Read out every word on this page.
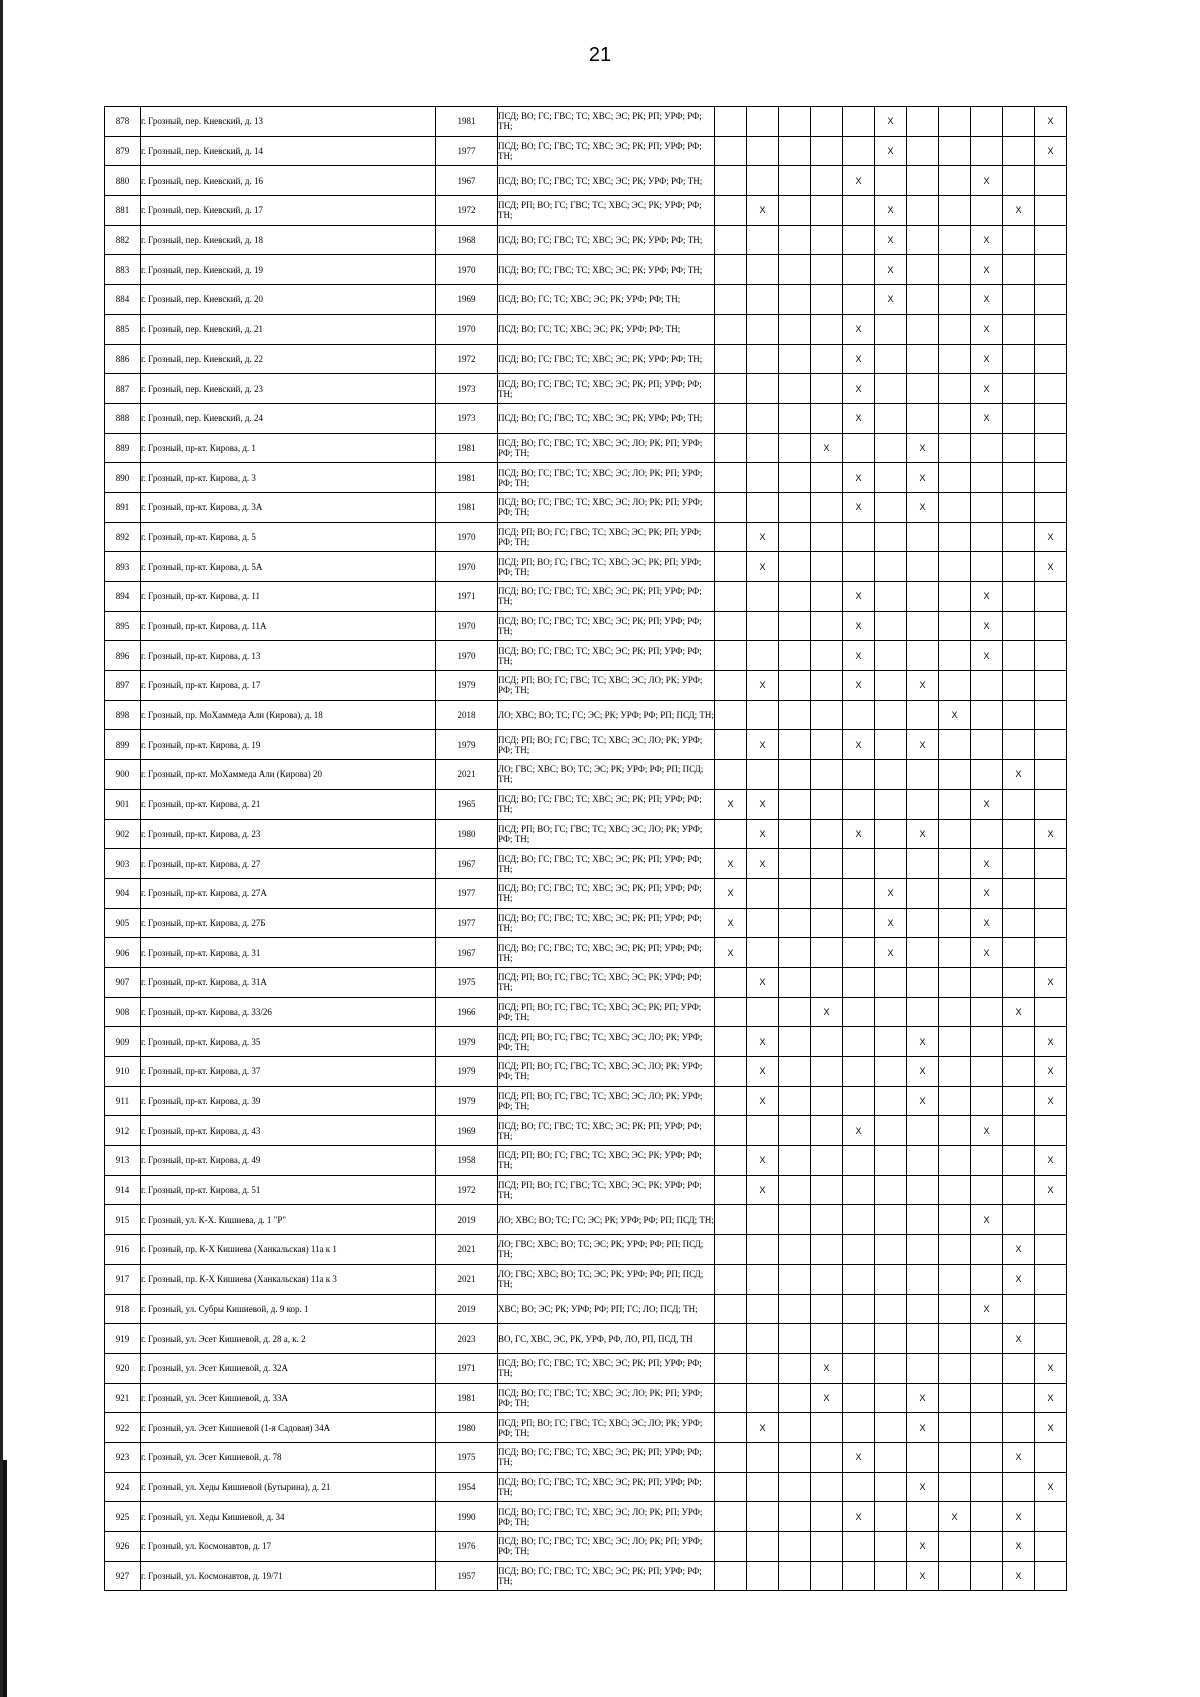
21
878	г. Грозный, пер. Киевский, д. 13	1981	ПСД; ВО; ГС; ГВС; ТС; ХВС; ЭС; РК; РП; УРФ; РФ; ТН;						X					X
879	г. Грозный, пер. Киевский, д. 14	1977	ПСД; ВО; ГС; ГВС; ТС; ХВС; ЭС; РК; РП; УРФ; РФ; ТН;						X					X
880	г. Грозный, пер. Киевский, д. 16	1967	ПСД; ВО; ГС; ГВС; ТС; ХВС; ЭС; РК; УРФ; РФ; ТН;					X				X		
881	г. Грозный, пер. Киевский, д. 17	1972	ПСД; РП; ВО; ГС; ГВС; ТС; ХВС; ЭС; РК; УРФ; РФ; ТН;		X				X				X	
882	г. Грозный, пер. Киевский, д. 18	1968	ПСД; ВО; ГС; ГВС; ТС; ХВС; ЭС; РК; УРФ; РФ; ТН;						X			X		
883	г. Грозный, пер. Киевский, д. 19	1970	ПСД; ВО; ГС; ГВС; ТС; ХВС; ЭС; РК; УРФ; РФ; ТН;						X			X		
884	г. Грозный, пер. Киевский, д. 20	1969	ПСД; ВО; ГС; ТС; ХВС; ЭС; РК; УРФ; РФ; ТН;						X			X		
885	г. Грозный, пер. Киевский, д. 21	1970	ПСД; ВО; ГС; ТС; ХВС; ЭС; РК; УРФ; РФ; ТН;					X				X		
886	г. Грозный, пер. Киевский, д. 22	1972	ПСД; ВО; ГС; ГВС; ТС; ХВС; ЭС; РК; УРФ; РФ; ТН;					X				X		
887	г. Грозный, пер. Киевский, д. 23	1973	ПСД; ВО; ГС; ГВС; ТС; ХВС; ЭС; РК; РП; УРФ; РФ; ТН;					X				X		
888	г. Грозный, пер. Киевский, д. 24	1973	ПСД; ВО; ГС; ГВС; ТС; ХВС; ЭС; РК; УРФ; РФ; ТН;					X				X		
889	г. Грозный, пр-кт. Кирова, д. 1	1981	ПСД; ВО; ГС; ГВС; ТС; ХВС; ЭС; ЛО; РК; РП; УРФ; РФ; ТН;				X			X				
890	г. Грозный, пр-кт. Кирова, д. 3	1981	ПСД; ВО; ГС; ГВС; ТС; ХВС; ЭС; ЛО; РК; РП; УРФ; РФ; ТН;					X		X				
891	г. Грозный, пр-кт. Кирова, д. 3А	1981	ПСД; ВО; ГС; ГВС; ТС; ХВС; ЭС; ЛО; РК; РП; УРФ; РФ; ТН;					X		X				
892	г. Грозный, пр-кт. Кирова, д. 5	1970	ПСД; РП; ВО; ГС; ГВС; ТС; ХВС; ЭС; РК; РП; УРФ; РФ; ТН;		X									X
893	г. Грозный, пр-кт. Кирова, д. 5А	1970	ПСД; РП; ВО; ГС; ГВС; ТС; ХВС; ЭС; РК; РП; УРФ; РФ; ТН;		X									X
894	г. Грозный, пр-кт. Кирова, д. 11	1971	ПСД; ВО; ГС; ГВС; ТС; ХВС; ЭС; РК; РП; УРФ; РФ; ТН;					X				X		
895	г. Грозный, пр-кт. Кирова, д. 11А	1970	ПСД; ВО; ГС; ГВС; ТС; ХВС; ЭС; РК; РП; УРФ; РФ; ТН;					X				X		
896	г. Грозный, пр-кт. Кирова, д. 13	1970	ПСД; ВО; ГС; ГВС; ТС; ХВС; ЭС; РК; РП; УРФ; РФ; ТН;					X				X		
897	г. Грозный, пр-кт. Кирова, д. 17	1979	ПСД; РП; ВО; ГС; ГВС; ТС; ХВС; ЭС; ЛО; РК; УРФ; РФ; ТН;		X			X		X				
898	г. Грозный, пр. МоХаммеда Али (Кирова), д. 18	2018	ЛО; ХВС; ВО; ТС; ГС; ЭС; РК; УРФ; РФ; РП; ПСД; ТН;								X			
899	г. Грозный, пр-кт. Кирова, д. 19	1979	ПСД; РП; ВО; ГС; ГВС; ТС; ХВС; ЭС; ЛО; РК; УРФ; РФ; ТН;		X			X		X				
900	г. Грозный, пр-кт. МоХаммеда Али (Кирова) 20	2021	ЛО; ГВС; ХВС; ВО; ТС; ЭС; РК; УРФ; РФ; РП; ПСД; ТН;										X	
901	г. Грозный, пр-кт. Кирова, д. 21	1965	ПСД; ВО; ГС; ГВС; ТС; ХВС; ЭС; РК; РП; УРФ; РФ; ТН;	X	X							X		
902	г. Грозный, пр-кт. Кирова, д. 23	1980	ПСД; РП; ВО; ГС; ГВС; ТС; ХВС; ЭС; ЛО; РК; УРФ; РФ; ТН;		X			X		X				X
903	г. Грозный, пр-кт. Кирова, д. 27	1967	ПСД; ВО; ГС; ГВС; ТС; ХВС; ЭС; РК; РП; УРФ; РФ; ТН;	X	X							X		
904	г. Грозный, пр-кт. Кирова, д. 27А	1977	ПСД; ВО; ГС; ГВС; ТС; ХВС; ЭС; РК; РП; УРФ; РФ; ТН;	X					X			X		
905	г. Грозный, пр-кт. Кирова, д. 27Б	1977	ПСД; ВО; ГС; ГВС; ТС; ХВС; ЭС; РК; РП; УРФ; РФ; ТН;	X					X			X		
906	г. Грозный, пр-кт. Кирова, д. 31	1967	ПСД; ВО; ГС; ГВС; ТС; ХВС; ЭС; РК; РП; УРФ; РФ; ТН;	X					X			X		
907	г. Грозный, пр-кт. Кирова, д. 31А	1975	ПСД; РП; ВО; ГС; ГВС; ТС; ХВС; ЭС; РК; УРФ; РФ; ТН;		X									X
908	г. Грозный, пр-кт. Кирова, д. 33/26	1966	ПСД; РП; ВО; ГС; ГВС; ТС; ХВС; ЭС; РК; РП; УРФ; РФ; ТН;				X						X	
909	г. Грозный, пр-кт. Кирова, д. 35	1979	ПСД; РП; ВО; ГС; ГВС; ТС; ХВС; ЭС; ЛО; РК; УРФ; РФ; ТН;		X					X				X
910	г. Грозный, пр-кт. Кирова, д. 37	1979	ПСД; РП; ВО; ГС; ГВС; ТС; ХВС; ЭС; ЛО; РК; УРФ; РФ; ТН;		X					X				X
911	г. Грозный, пр-кт. Кирова, д. 39	1979	ПСД; РП; ВО; ГС; ГВС; ТС; ХВС; ЭС; ЛО; РК; УРФ; РФ; ТН;		X					X				X
912	г. Грозный, пр-кт. Кирова, д. 43	1969	ПСД; ВО; ГС; ГВС; ТС; ХВС; ЭС; РК; РП; УРФ; РФ; ТН;					X				X		
913	г. Грозный, пр-кт. Кирова, д. 49	1958	ПСД; РП; ВО; ГС; ГВС; ТС; ХВС; ЭС; РК; УРФ; РФ; ТН;		X									X
914	г. Грозный, пр-кт. Кирова, д. 51	1972	ПСД; РП; ВО; ГС; ГВС; ТС; ХВС; ЭС; РК; УРФ; РФ; ТН;		X									X
915	г. Грозный, ул. К-Х. Кишиева, д. 1 "Р"	2019	ЛО; ХВС; ВО; ТС; ГС; ЭС; РК; УРФ; РФ; РП; ПСД; ТН;									X		
916	г. Грозный, пр. К-Х Кишиева (Ханкальская) 11а к 1	2021	ЛО; ГВС; ХВС; ВО; ТС; ЭС; РК; УРФ; РФ; РП; ПСД; ТН;										X	
917	г. Грозный, пр. К-Х Кишиева (Ханкальская) 11а к 3	2021	ЛО; ГВС; ХВС; ВО; ТС; ЭС; РК; УРФ; РФ; РП; ПСД; ТН;										X	
918	г. Грозный, ул. Субры Кишиевой, д. 9 кор. 1	2019	ХВС; ВО; ЭС; РК; УРФ; РФ; РП; ГС; ЛО; ПСД; ТН;									X		
919	г. Грозный, ул. Эсет Кишиевой, д. 28 а, к. 2	2023	ВО, ГС, ХВС, ЭС, РК, УРФ, РФ, ЛО, РП, ПСД, ТН										X	
920	г. Грозный, ул. Эсет Кишиевой, д. 32А	1971	ПСД; ВО; ГС; ГВС; ТС; ХВС; ЭС; РК; РП; УРФ; РФ; ТН;				X							X
921	г. Грозный, ул. Эсет Кишиевой, д. 33А	1981	ПСД; ВО; ГС; ГВС; ТС; ХВС; ЭС; ЛО; РК; РП; УРФ; РФ; ТН;				X			X				X
922	г. Грозный, ул. Эсет Кишиевой (1-я Садовая) 34А	1980	ПСД; РП; ВО; ГС; ГВС; ТС; ХВС; ЭС; ЛО; РК; УРФ; РФ; ТН;		X					X				X
923	г. Грозный, ул. Эсет Кишиевой, д. 78	1975	ПСД; ВО; ГС; ГВС; ТС; ХВС; ЭС; РК; РП; УРФ; РФ; ТН;					X					X	
924	г. Грозный, ул. Хеды Кишиевой (Бутырина), д. 21	1954	ПСД; ВО; ГС; ГВС; ТС; ХВС; ЭС; РК; РП; УРФ; РФ; ТН;							X				X
925	г. Грозный, ул. Хеды Кишиевой, д. 34	1990	ПСД; ВО; ГС; ГВС; ТС; ХВС; ЭС; ЛО; РК; РП; УРФ; РФ; ТН;					X			X		X	
926	г. Грозный, ул. Космонавтов, д. 17	1976	ПСД; ВО; ГС; ГВС; ТС; ХВС; ЭС; ЛО; РК; РП; УРФ; РФ; ТН;							X			X	
927	г. Грозный, ул. Космонавтов, д. 19/71	1957	ПСД; ВО; ГС; ГВС; ТС; ХВС; ЭС; РК; РП; УРФ; РФ; ТН;							X			X	
